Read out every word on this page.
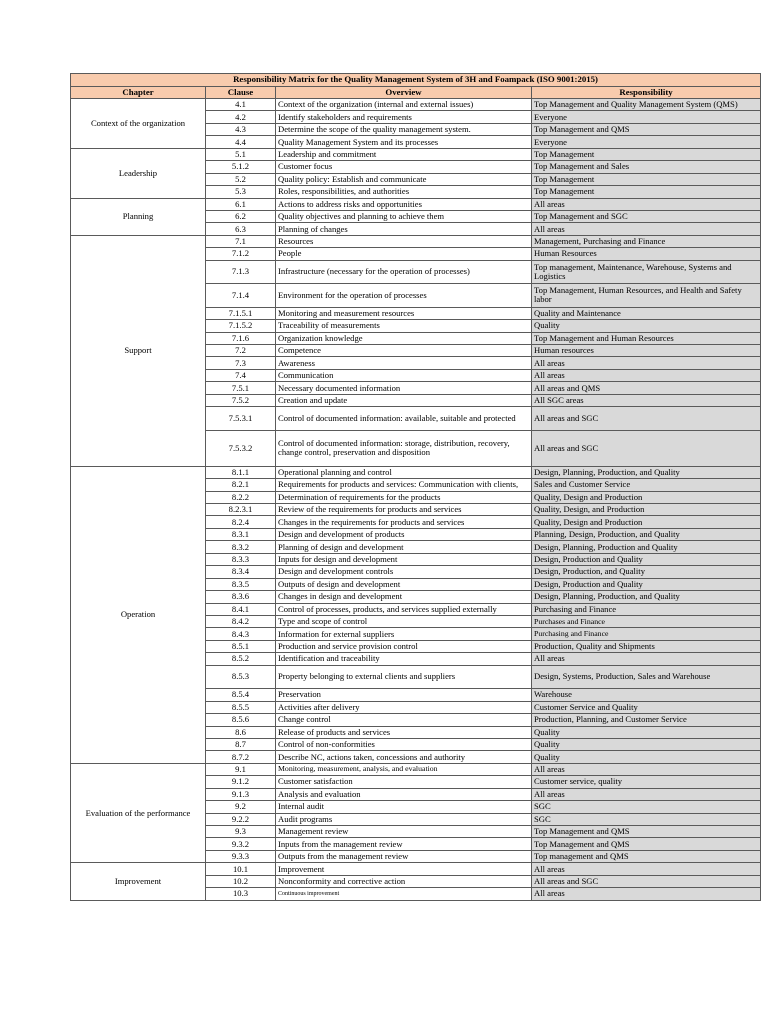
Responsibility Matrix for the Quality Management System of 3H and Foampack (ISO 9001:2015)			
Chapter	Clause	Overview	Responsibility
Context of the organization	4.1	Context of the organization (internal and external issues)	Top Management and Quality Management System (QMS)
	4.2	Identify stakeholders and requirements	Everyone
	4.3	Determine the scope of the quality management system.	Top Management and QMS
	4.4	Quality Management System and its processes	Everyone
Leadership	5.1	Leadership and commitment	Top Management
	5.1.2	Customer focus	Top Management and Sales
	5.2	Quality policy: Establish and communicate	Top Management
	5.3	Roles, responsibilities, and authorities	Top Management
Planning	6.1	Actions to address risks and opportunities	All areas
	6.2	Quality objectives and planning to achieve them	Top Management and SGC
	6.3	Planning of changes	All areas
Support	7.1	Resources	Management, Purchasing and Finance
	7.1.2	People	Human Resources
	7.1.3	Infrastructure (necessary for the operation of processes)	Top management, Maintenance, Warehouse, Systems and Logistics
	7.1.4	Environment for the operation of processes	Top Management, Human Resources, and Health and Safety labor
	7.1.5.1	Monitoring and measurement resources	Quality and Maintenance
	7.1.5.2	Traceability of measurements	Quality
	7.1.6	Organization knowledge	Top Management and Human Resources
	7.2	Competence	Human resources
	7.3	Awareness	All areas
	7.4	Communication	All areas
	7.5.1	Necessary documented information	All areas and QMS
	7.5.2	Creation and update	All SGC areas
	7.5.3.1	Control of documented information: available, suitable and protected	All areas and SGC
	7.5.3.2	Control of documented information: storage, distribution, recovery, change control, preservation and disposition	All areas and SGC
Operation	8.1.1	Operational planning and control	Design, Planning, Production, and Quality
	8.2.1	Requirements for products and services: Communication with clients,	Sales and Customer Service
	8.2.2	Determination of requirements for the products	Quality, Design and Production
	8.2.3.1	Review of the requirements for products and services	Quality, Design, and Production
	8.2.4	Changes in the requirements for products and services	Quality, Design and Production
	8.3.1	Design and development of products	Planning, Design, Production, and Quality
	8.3.2	Planning of design and development	Design, Planning, Production and Quality
	8.3.3	Inputs for design and development	Design, Production and Quality
	8.3.4	Design and development controls	Design, Production, and Quality
	8.3.5	Outputs of design and development	Design, Production and Quality
	8.3.6	Changes in design and development	Design, Planning, Production, and Quality
	8.4.1	Control of processes, products, and services supplied externally	Purchasing and Finance
	8.4.2	Type and scope of control	Purchases and Finance
	8.4.3	Information for external suppliers	Purchasing and Finance
	8.5.1	Production and service provision control	Production, Quality and Shipments
	8.5.2	Identification and traceability	All areas
	8.5.3	Property belonging to external clients and suppliers	Design, Systems, Production, Sales and Warehouse
	8.5.4	Preservation	Warehouse
	8.5.5	Activities after delivery	Customer Service and Quality
	8.5.6	Change control	Production, Planning, and Customer Service
	8.6	Release of products and services	Quality
	8.7	Control of non-conformities	Quality
	8.7.2	Describe NC, actions taken, concessions and authority	Quality
Evaluation of the performance	9.1	Monitoring, measurement, analysis, and evaluation	All areas
	9.1.2	Customer satisfaction	Customer service, quality
	9.1.3	Analysis and evaluation	All areas
	9.2	Internal audit	SGC
	9.2.2	Audit programs	SGC
	9.3	Management review	Top Management and QMS
	9.3.2	Inputs from the management review	Top Management and QMS
	9.3.3	Outputs from the management review	Top management and QMS
Improvement	10.1	Improvement	All areas
	10.2	Nonconformity and corrective action	All areas and SGC
	10.3	Continuous improvement	All areas
